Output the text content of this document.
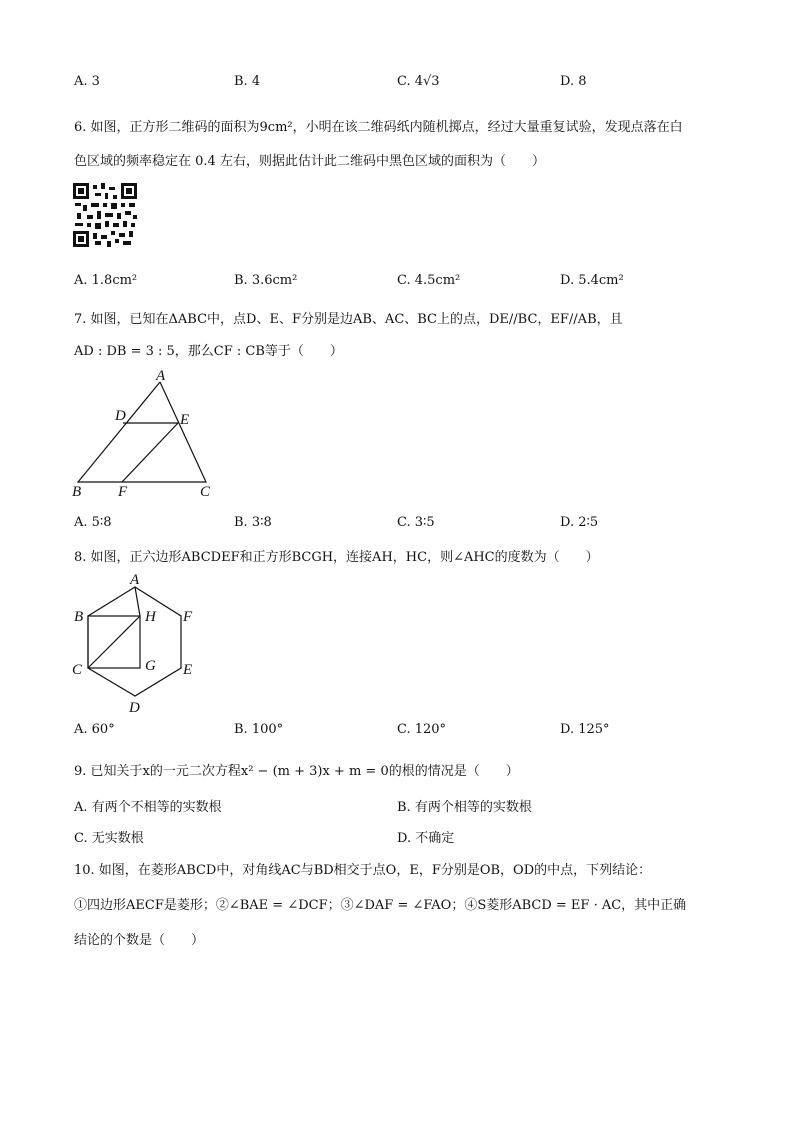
A. 3	B. 4	C. 4√3	D. 8
6. 如图，正方形二维码的面积为9cm²，小明在该二维码纸内随机掷点，经过大量重复试验，发现点落在白
色区域的频率稳定在 0.4 左右，则据此估计此二维码中黑色区域的面积为（　　）
A. 1.8cm²	B. 3.6cm²	C. 4.5cm²	D. 5.4cm²
7. 如图，已知在ΔABC中，点D、E、F分别是边AB、AC、BC上的点，DE//BC，EF//AB，且
AD : DB = 3 : 5，那么CF : CB等于（　　）
A
D	E
B F	C
A. 5∶8	B. 3∶8	C. 3∶5	D. 2∶5
8. 如图，正六边形ABCDEF和正方形BCGH，连接AH，HC，则∠AHC的度数为（　　）
A
B	H F
C	G E
D
A. 60°	B. 100°	C. 120°	D. 125°
9. 已知关于x的一元二次方程x² − (m + 3)x + m = 0的根的情况是（　　）
A. 有两个不相等的实数根	B. 有两个相等的实数根
C. 无实数根	D. 不确定
10. 如图，在菱形ABCD中，对角线AC与BD相交于点O，E，F分别是OB，OD的中点，下列结论：
①四边形AECF是菱形；②∠BAE = ∠DCF；③∠DAF = ∠FAO；④S菱形ABCD = EF · AC，其中正确
结论的个数是（　　）
